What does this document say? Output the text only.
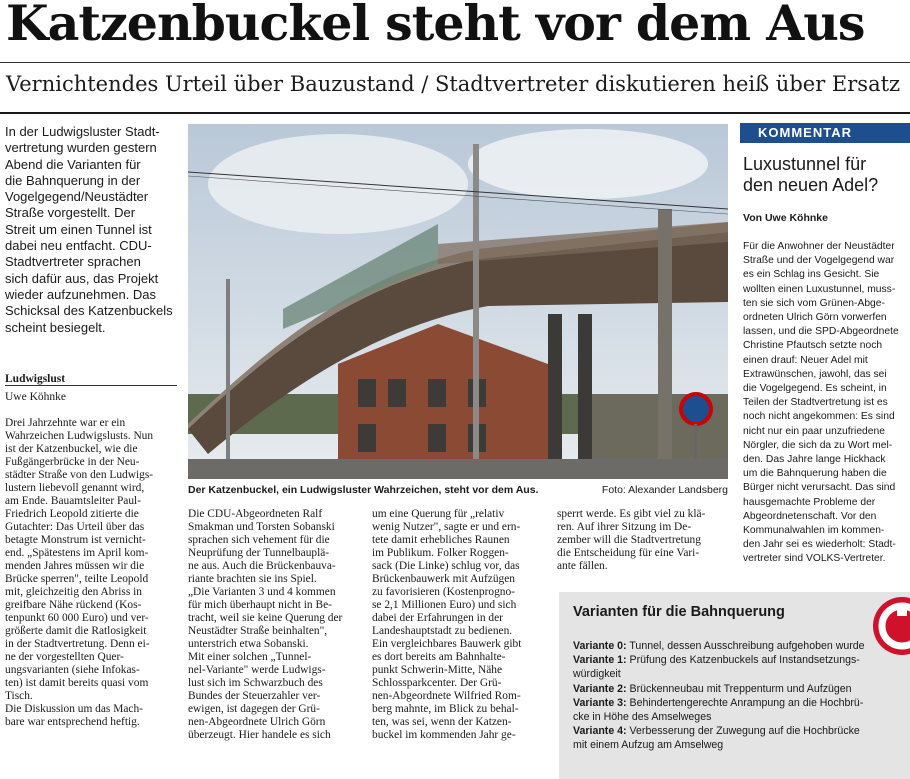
Katzenbuckel steht vor dem Aus
Vernichtendes Urteil über Bauzustand / Stadtvertreter diskutieren heiß über Ersatz
In der Ludwigsluster Stadt-
vertretung wurden gestern
Abend die Varianten für
die Bahnquerung in der
Vogelgegend/Neustädter
Straße vorgestellt. Der
Streit um einen Tunnel ist
dabei neu entfacht. CDU-
Stadtvertreter sprachen
sich dafür aus, das Projekt
wieder aufzunehmen. Das
Schicksal des Katzenbuckels
scheint besiegelt.
Ludwigslust
Uwe Köhnke
Drei Jahrzehnte war er ein
Wahrzeichen Ludwigslusts. Nun
ist der Katzenbuckel, wie die
Fußgängerbrücke in der Neu-
städter Straße von den Ludwigs-
lustern liebevoll genannt wird,
am Ende. Bauamtsleiter Paul-
Friedrich Leopold zitierte die
Gutachter: Das Urteil über das
betagte Monstrum ist vernicht-
end. „Spätestens im April kom-
menden Jahres müssen wir die
Brücke sperren", teilte Leopold
mit, gleichzeitig den Abriss in
greifbare Nähe rückend (Kos-
tenpunkt 60 000 Euro) und ver-
größerte damit die Ratlosigkeit
in der Stadtvertretung. Denn ei-
ne der vorgestellten Quer-
ungsvarianten (siehe Infokas-
ten) ist damit bereits quasi vom
Tisch.
Die Diskussion um das Mach-
bare war entsprechend heftig.
Der Katzenbuckel, ein Ludwigsluster Wahrzeichen, steht vor dem Aus.	Foto: Alexander Landsberg
Die CDU-Abgeordneten Ralf
Smakman und Torsten Sobanski
sprachen sich vehement für die
Neuprüfung der Tunnelbauplä-
ne aus. Auch die Brückenbauva-
riante brachten sie ins Spiel.
„Die Varianten 3 und 4 kommen
für mich überhaupt nicht in Be-
tracht, weil sie keine Querung der
Neustädter Straße beinhalten",
unterstrich etwa Sobanski.
Mit einer solchen „Tunnel-
nel-Variante" werde Ludwigs-
lust sich im Schwarzbuch des
Bundes der Steuerzahler ver-
ewigen, ist dagegen der Grü-
nen-Abgeordnete Ulrich Görn
überzeugt. Hier handele es sich
um eine Querung für „relativ
wenig Nutzer", sagte er und ern-
tete damit erhebliches Raunen
im Publikum. Folker Roggen-
sack (Die Linke) schlug vor, das
Brückenbauwerk mit Aufzügen
zu favorisieren (Kostenprogno-
se 2,1 Millionen Euro) und sich
dabei der Erfahrungen in der
Landeshauptstadt zu bedienen.
Ein vergleichbares Bauwerk gibt
es dort bereits am Bahnhalte-
punkt Schwerin-Mitte, Nähe
Schlossparkcenter. Der Grü-
nen-Abgeordnete Wilfried Rom-
berg mahnte, im Blick zu behal-
ten, was sei, wenn der Katzen-
buckel im kommenden Jahr ge-
sperrt werde. Es gibt viel zu klä-
ren. Auf ihrer Sitzung im De-
zember will die Stadtvertretung
die Entscheidung für eine Vari-
ante fällen.
KOMMENTAR
Luxustunnel für
den neuen Adel?
Von Uwe Köhnke
Für die Anwohner der Neustädter
Straße und der Vogelgegend war
es ein Schlag ins Gesicht. Sie
wollten einen Luxustunnel, muss-
ten sie sich vom Grünen-Abge-
ordneten Ulrich Görn vorwerfen
lassen, und die SPD-Abgeordnete
Christine Pfautsch setzte noch
einen drauf: Neuer Adel mit
Extrawünschen, jawohl, das sei
die Vogelgegend. Es scheint, in
Teilen der Stadtvertretung ist es
noch nicht angekommen: Es sind
nicht nur ein paar unzufriedene
Nörgler, die sich da zu Wort mel-
den. Das Jahre lange Hickhack
um die Bahnquerung haben die
Bürger nicht verursacht. Das sind
hausgemachte Probleme der
Abgeordnetenschaft. Vor den
Kommunalwahlen im kommen-
den Jahr sei es wiederholt: Stadt-
vertreter sind VOLKS-Vertreter.
Varianten für die Bahnquerung
Variante 0: Tunnel, dessen Ausschreibung aufgehoben wurde
Variante 1: Prüfung des Katzenbuckels auf Instandsetzungs-
würdigkeit
Variante 2: Brückenneubau mit Treppenturm und Aufzügen
Variante 3: Behindertengerechte Anrampung an die Hochbrü-
cke in Höhe des Amselweges
Variante 4: Verbesserung der Zuwegung auf die Hochbrücke
mit einem Aufzug am Amselweg
